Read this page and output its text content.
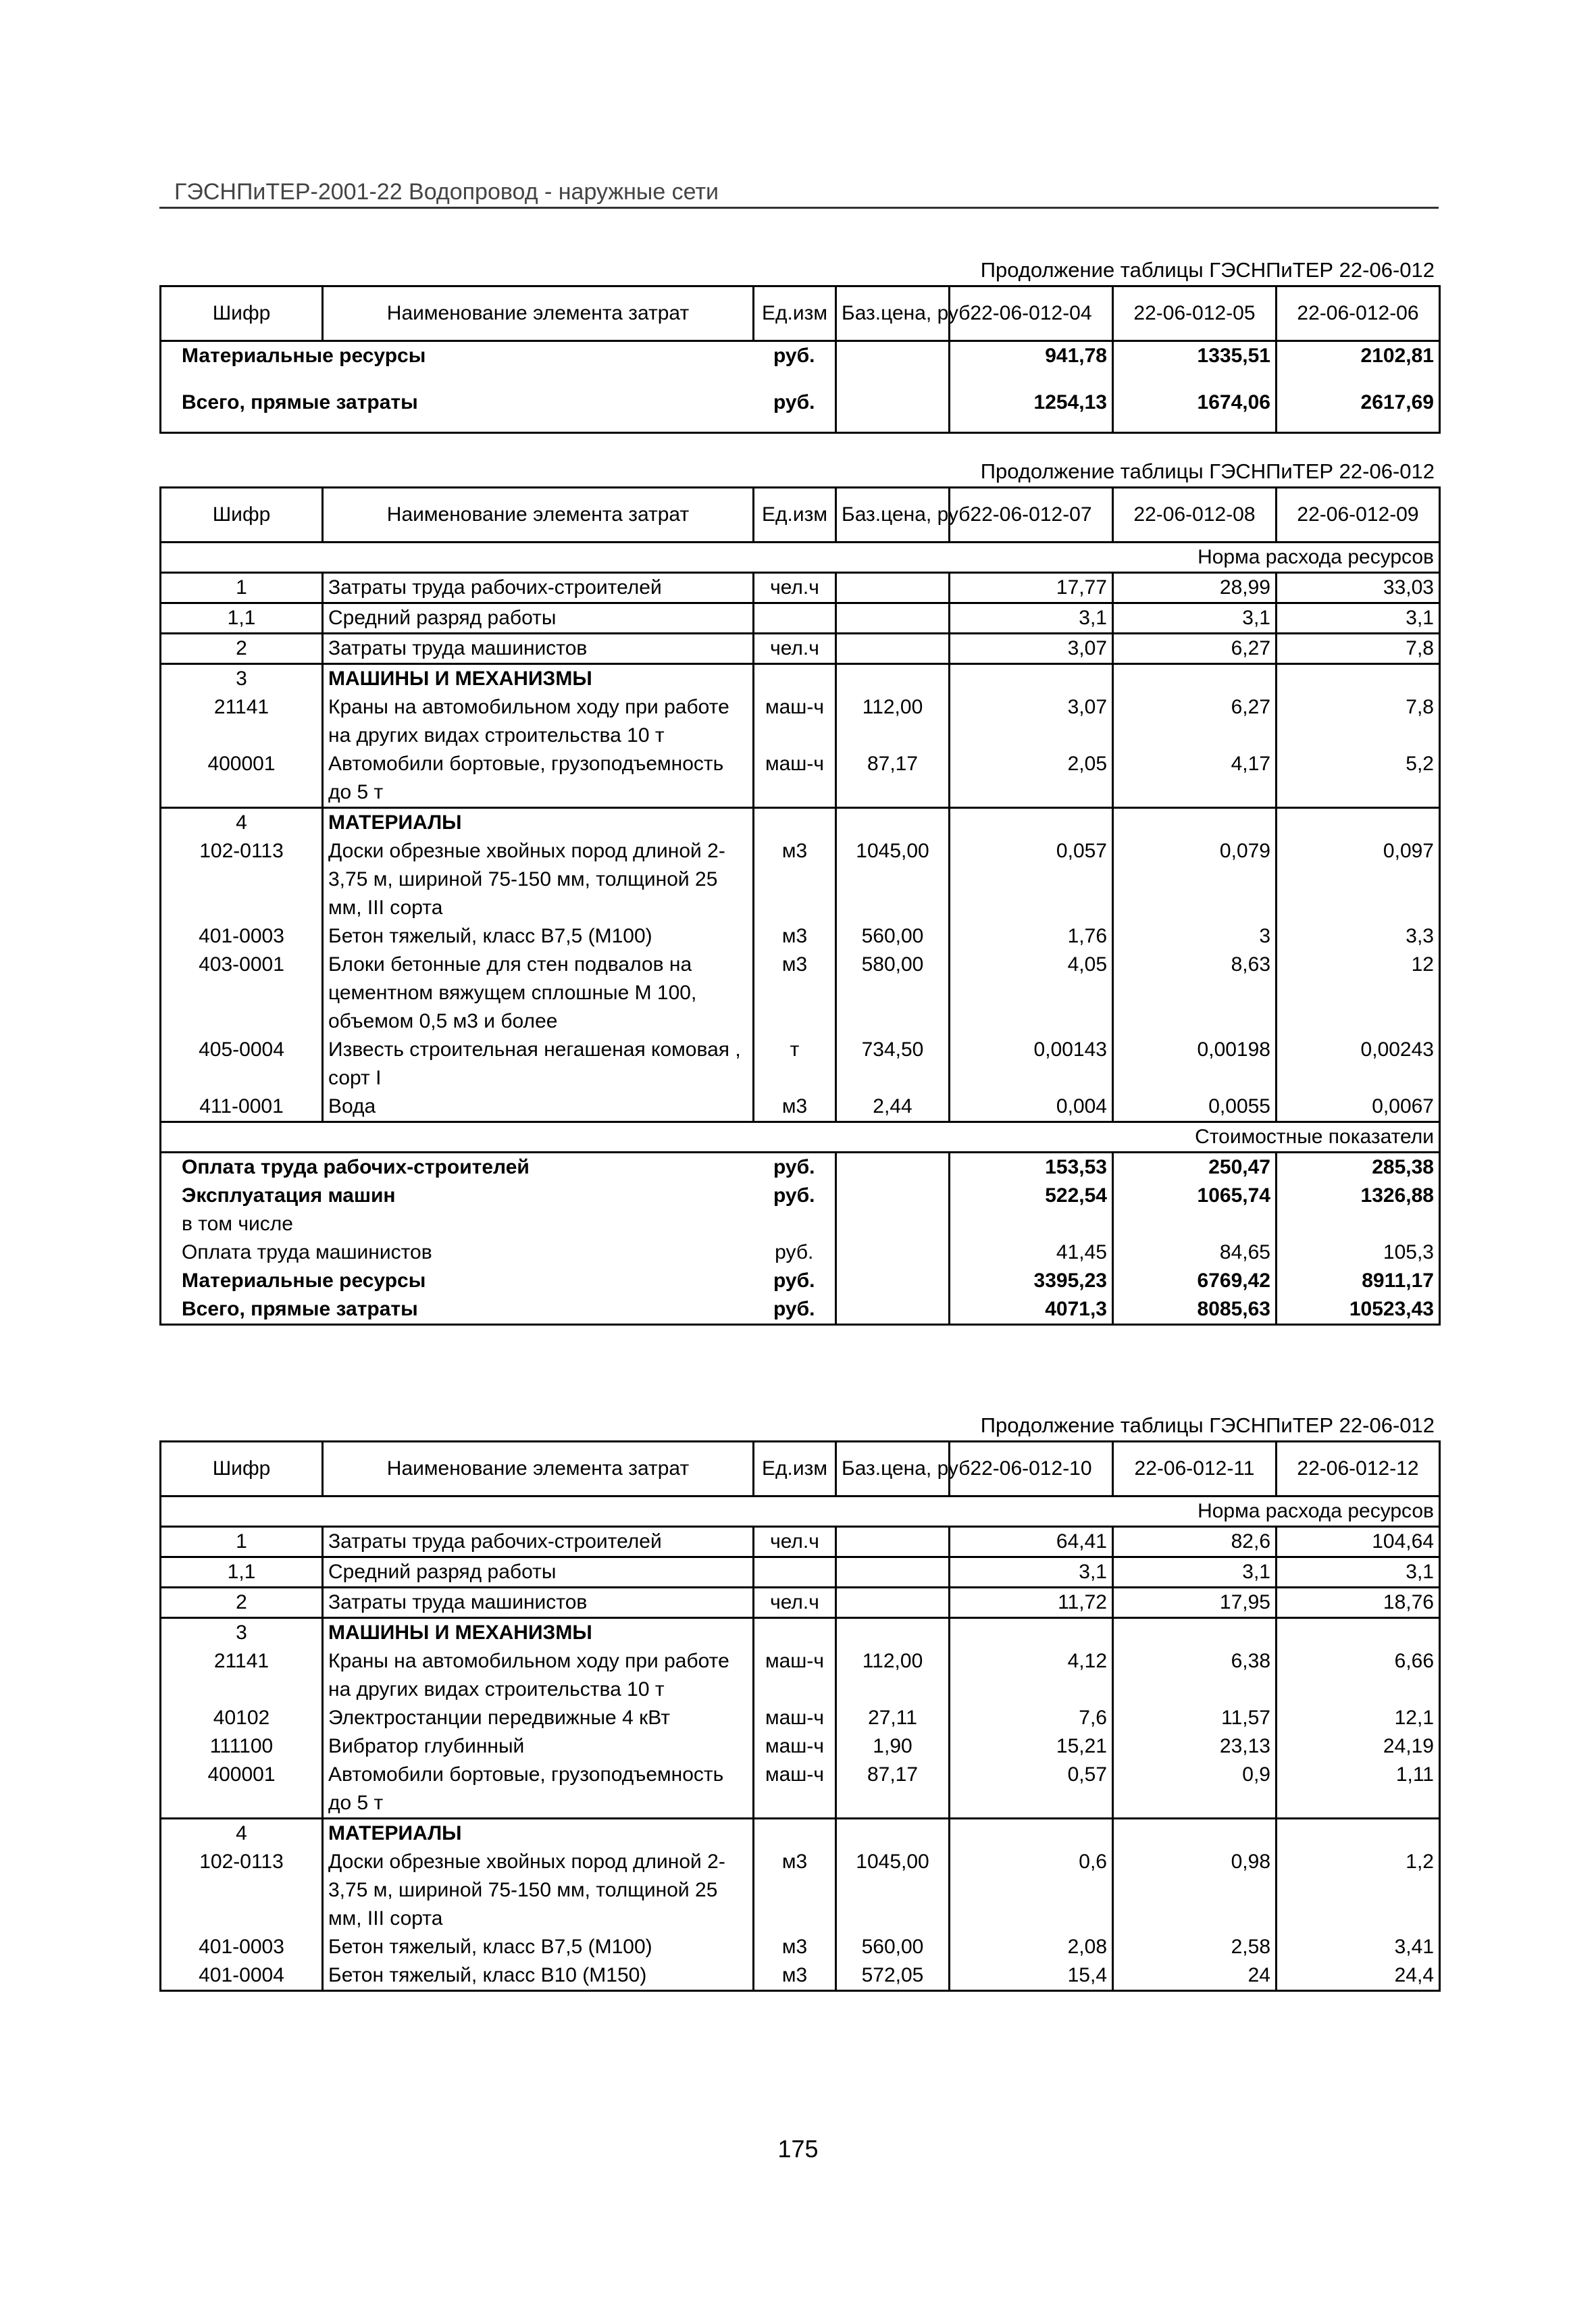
ГЭСНПиТЕР-2001-22 Водопровод - наружные сети
Продолжение таблицы ГЭСНПиТЕР 22-06-012
Шифр	Наименование элемента затрат	Ед.изм	Баз.цена, руб.	22-06-012-04	22-06-012-05	22-06-012-06
Материальные ресурсы		руб.		941,78	1335,51	2102,81
Всего, прямые затраты		руб.		1254,13	1674,06	2617,69
Продолжение таблицы ГЭСНПиТЕР 22-06-012
Шифр	Наименование элемента затрат	Ед.изм	Баз.цена, руб.	22-06-012-07	22-06-012-08	22-06-012-09
Норма расхода ресурсов						
1	Затраты труда рабочих-строителей	чел.ч		17,77	28,99	33,03
1,1	Средний разряд работы			3,1	3,1	3,1
2	Затраты труда машинистов	чел.ч		3,07	6,27	7,8
3	МАШИНЫ И МЕХАНИЗМЫ					
21141	Краны на автомобильном ходу при работе на других видах строительства 10 т	маш-ч	112,00	3,07	6,27	7,8
400001	Автомобили бортовые, грузоподъемность до 5 т	маш-ч	87,17	2,05	4,17	5,2
4	МАТЕРИАЛЫ					
102-0113	Доски обрезные хвойных пород длиной 2-3,75 м, шириной 75-150 мм, толщиной 25 мм, III сорта	м3	1045,00	0,057	0,079	0,097
401-0003	Бетон тяжелый, класс В7,5 (М100)	м3	560,00	1,76	3	3,3
403-0001	Блоки бетонные для стен подвалов на цементном вяжущем сплошные М 100, объемом 0,5 м3 и более	м3	580,00	4,05	8,63	12
405-0004	Известь строительная негашеная комовая , сорт I	т	734,50	0,00143	0,00198	0,00243
411-0001	Вода	м3	2,44	0,004	0,0055	0,0067
Стоимостные показатели						
Оплата труда рабочих-строителей		руб.		153,53	250,47	285,38
Эксплуатация машин		руб.		522,54	1065,74	1326,88
в том числе						
Оплата труда машинистов		руб.		41,45	84,65	105,3
Материальные ресурсы		руб.		3395,23	6769,42	8911,17
Всего, прямые затраты		руб.		4071,3	8085,63	10523,43
Продолжение таблицы ГЭСНПиТЕР 22-06-012
Шифр	Наименование элемента затрат	Ед.изм	Баз.цена, руб.	22-06-012-10	22-06-012-11	22-06-012-12
Норма расхода ресурсов						
1	Затраты труда рабочих-строителей	чел.ч		64,41	82,6	104,64
1,1	Средний разряд работы			3,1	3,1	3,1
2	Затраты труда машинистов	чел.ч		11,72	17,95	18,76
3	МАШИНЫ И МЕХАНИЗМЫ					
21141	Краны на автомобильном ходу при работе на других видах строительства 10 т	маш-ч	112,00	4,12	6,38	6,66
40102	Электростанции передвижные 4 кВт	маш-ч	27,11	7,6	11,57	12,1
111100	Вибратор глубинный	маш-ч	1,90	15,21	23,13	24,19
400001	Автомобили бортовые, грузоподъемность до 5 т	маш-ч	87,17	0,57	0,9	1,11
4	МАТЕРИАЛЫ					
102-0113	Доски обрезные хвойных пород длиной 2-3,75 м, шириной 75-150 мм, толщиной 25 мм, III сорта	м3	1045,00	0,6	0,98	1,2
401-0003	Бетон тяжелый, класс В7,5 (М100)	м3	560,00	2,08	2,58	3,41
401-0004	Бетон тяжелый, класс В10 (М150)	м3	572,05	15,4	24	24,4
175
